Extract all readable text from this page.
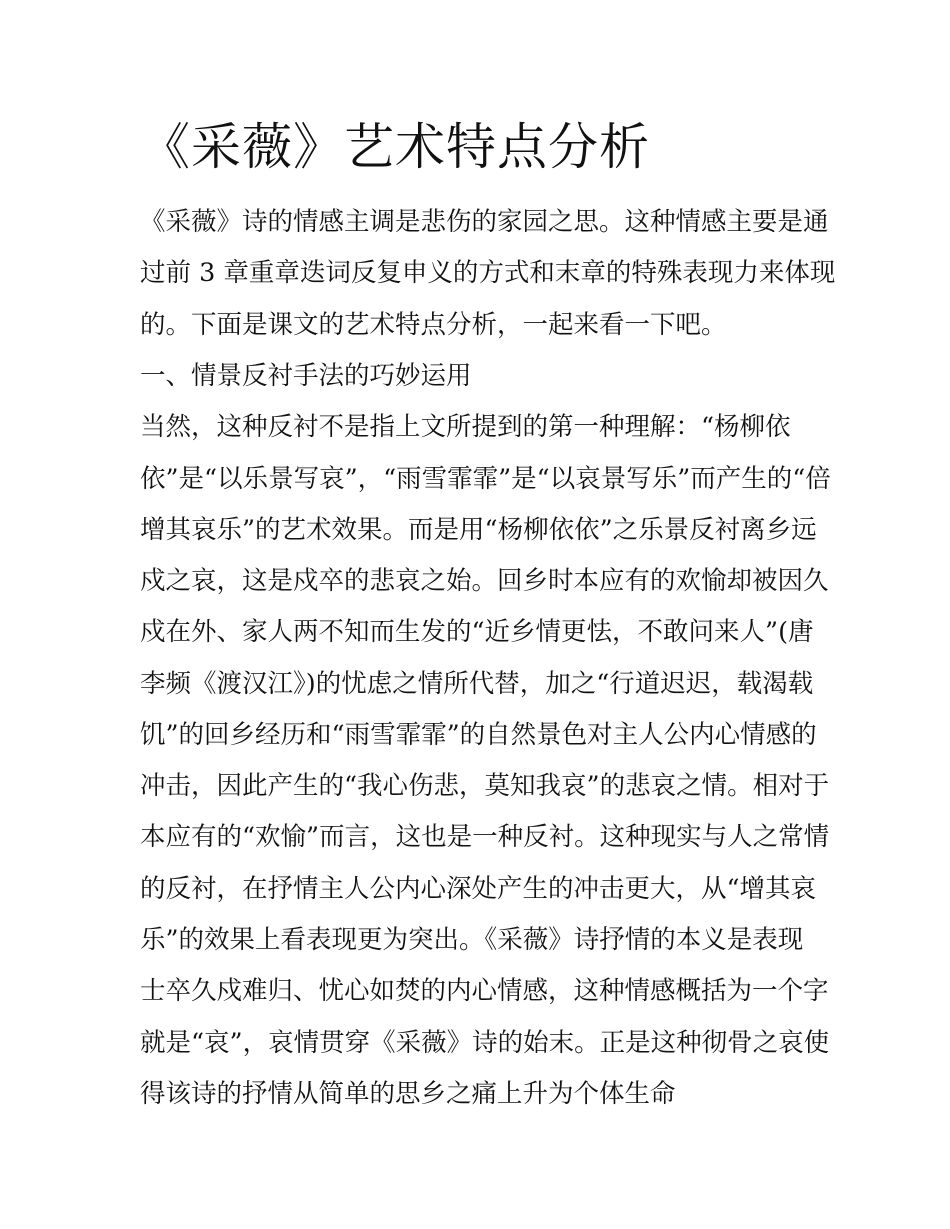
《采薇》艺术特点分析

《采薇》诗的情感主调是悲伤的家园之思。这种情感主要是通

过前 3 章重章迭词反复申义的方式和末章的特殊表现力来体现

的。下面是课文的艺术特点分析，一起来看一下吧。

一、情景反衬手法的巧妙运用

当然，这种反衬不是指上文所提到的第一种理解：“杨柳依

依”是“以乐景写哀”，“雨雪霏霏”是“以哀景写乐”而产生的“倍

增其哀乐”的艺术效果。而是用“杨柳依依”之乐景反衬离乡远

戍之哀，这是戍卒的悲哀之始。回乡时本应有的欢愉却被因久

戍在外、家人两不知而生发的“近乡情更怯，不敢问来人”(唐

李频《渡汉江》)的忧虑之情所代替，加之“行道迟迟，载渴载

饥”的回乡经历和“雨雪霏霏”的自然景色对主人公内心情感的

冲击，因此产生的“我心伤悲，莫知我哀”的悲哀之情。相对于

本应有的“欢愉”而言，这也是一种反衬。这种现实与人之常情

的反衬，在抒情主人公内心深处产生的冲击更大，从“增其哀

乐”的效果上看表现更为突出。《采薇》诗抒情的本义是表现

士卒久戍难归、忧心如焚的内心情感，这种情感概括为一个字

就是“哀”，哀情贯穿《采薇》诗的始末。正是这种彻骨之哀使

得该诗的抒情从简单的思乡之痛上升为个体生命
